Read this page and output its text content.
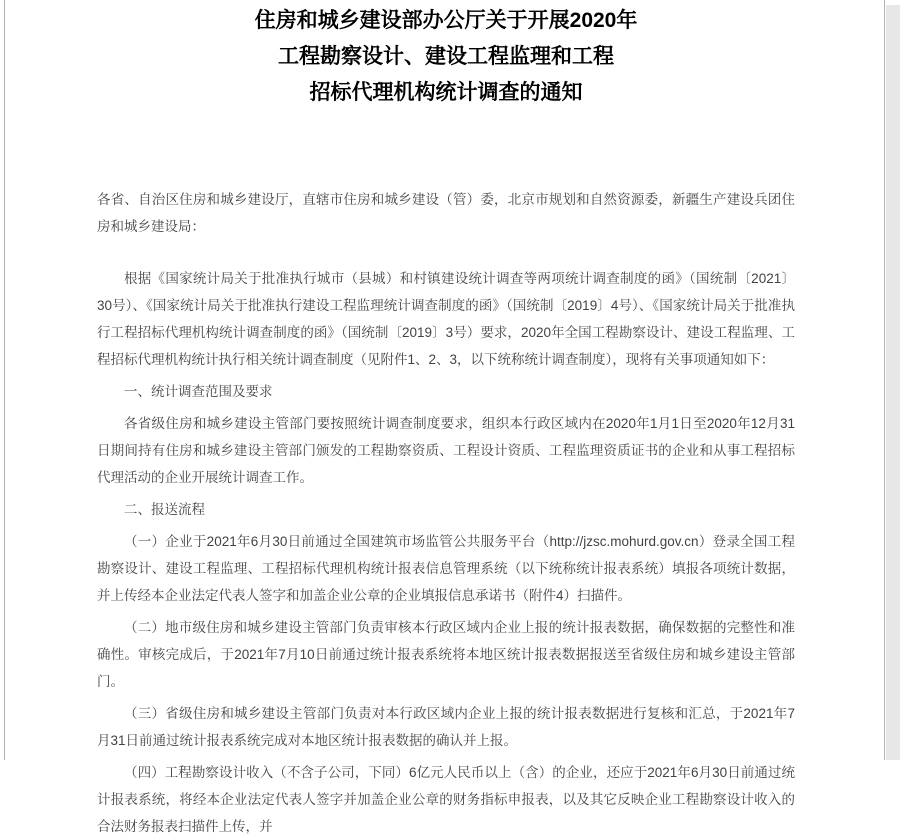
住房和城乡建设部办公厅关于开展2020年
工程勘察设计、建设工程监理和工程
招标代理机构统计调查的通知

各省、自治区住房和城乡建设厅，直辖市住房和城乡建设（管）委，北京市规划和自然资源委，新疆生产建设兵团住房和城乡建设局：

根据《国家统计局关于批准执行城市（县城）和村镇建设统计调查等两项统计调查制度的函》（国统制〔2021〕30号）、《国家统计局关于批准执行建设工程监理统计调查制度的函》（国统制〔2019〕4号）、《国家统计局关于批准执行工程招标代理机构统计调查制度的函》（国统制〔2019〕3号）要求，2020年全国工程勘察设计、建设工程监理、工程招标代理机构统计执行相关统计调查制度（见附件1、2、3，以下统称统计调查制度），现将有关事项通知如下：

一、统计调查范围及要求

各省级住房和城乡建设主管部门要按照统计调查制度要求，组织本行政区域内在2020年1月1日至2020年12月31日期间持有住房和城乡建设主管部门颁发的工程勘察资质、工程设计资质、工程监理资质证书的企业和从事工程招标代理活动的企业开展统计调查工作。

二、报送流程

（一）企业于2021年6月30日前通过全国建筑市场监管公共服务平台（http://jzsc.mohurd.gov.cn）登录全国工程勘察设计、建设工程监理、工程招标代理机构统计报表信息管理系统（以下统称统计报表系统）填报各项统计数据，并上传经本企业法定代表人签字和加盖企业公章的企业填报信息承诺书（附件4）扫描件。

（二）地市级住房和城乡建设主管部门负责审核本行政区域内企业上报的统计报表数据，确保数据的完整性和准确性。审核完成后，于2021年7月10日前通过统计报表系统将本地区统计报表数据报送至省级住房和城乡建设主管部门。

（三）省级住房和城乡建设主管部门负责对本行政区域内企业上报的统计报表数据进行复核和汇总，于2021年7月31日前通过统计报表系统完成对本地区统计报表数据的确认并上报。

（四）工程勘察设计收入（不含子公司，下同）6亿元人民币以上（含）的企业，还应于2021年6月30日前通过统计报表系统，将经本企业法定代表人签字并加盖企业公章的财务指标申报表，以及其它反映企业工程勘察设计收入的合法财务报表扫描件上传，并
